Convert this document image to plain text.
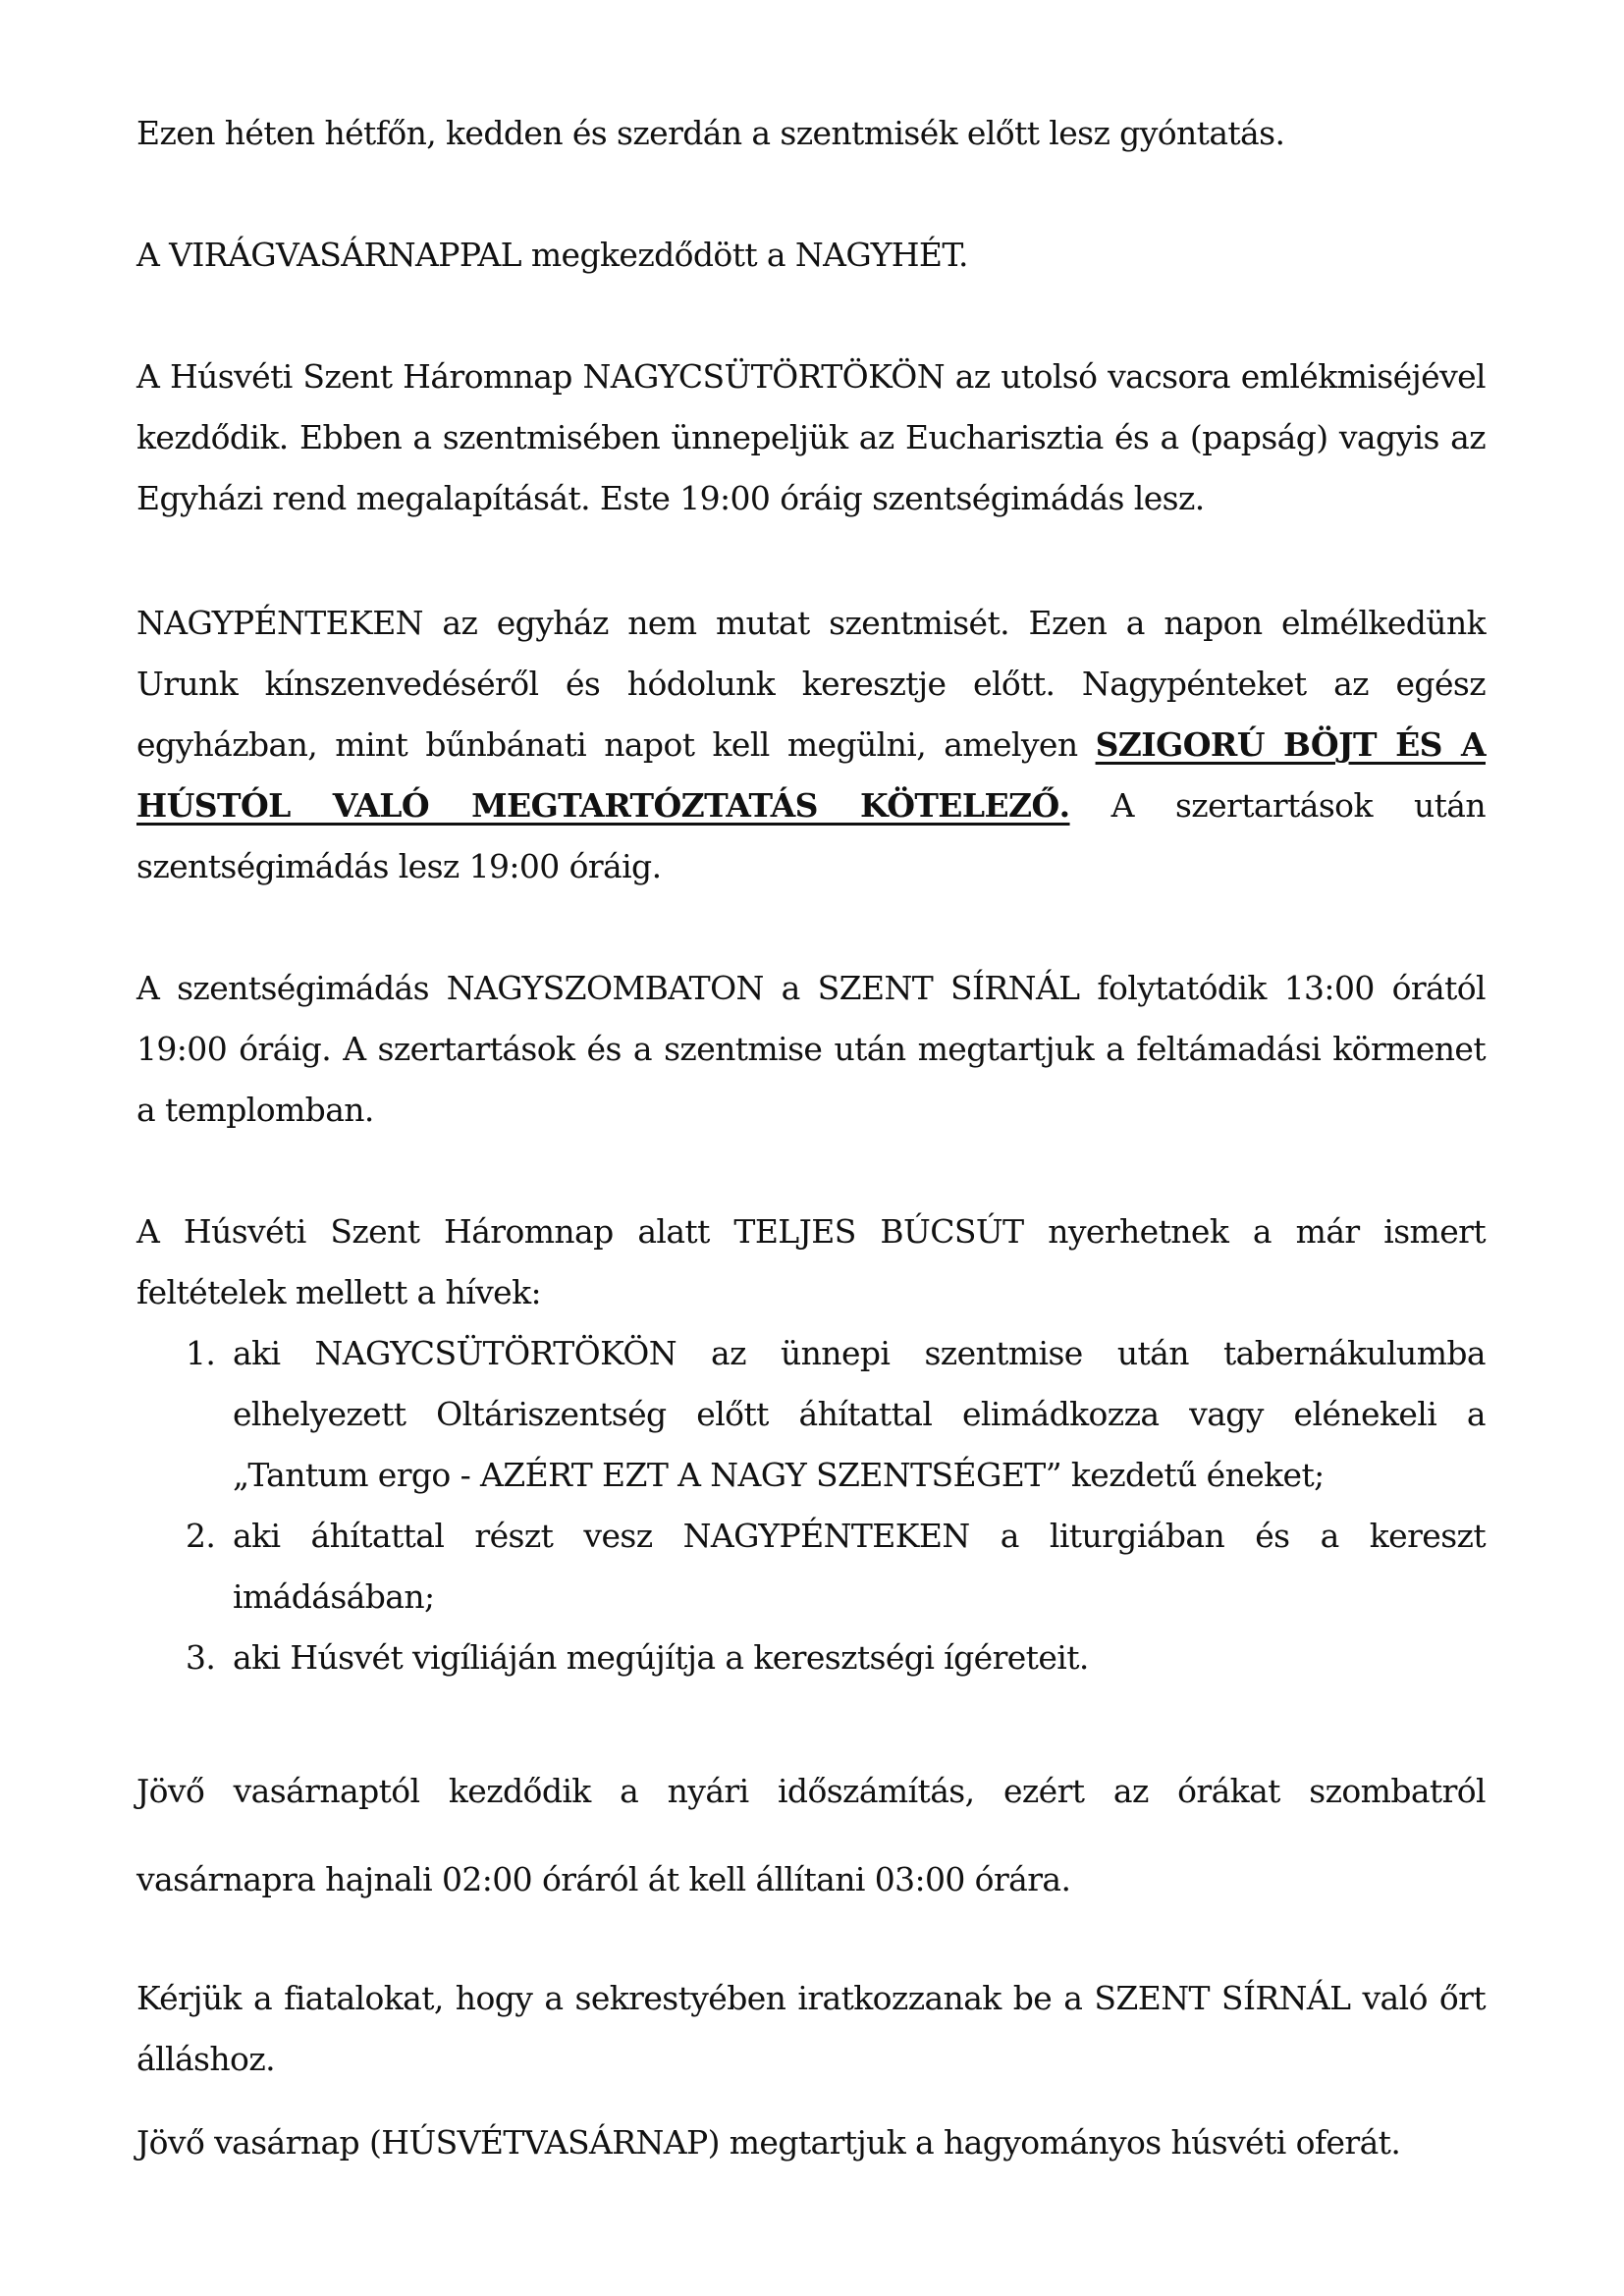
Ezen héten hétfőn, kedden és szerdán a szentmisék előtt lesz gyóntatás.

A VIRÁGVASÁRNAPPAL megkezdődött a NAGYHÉT.

A Húsvéti Szent Háromnap NAGYCSÜTÖRTÖKÖN az utolsó vacsora emlékmiséjével kezdődik. Ebben a szentmisében ünnepeljük az Eucharisztia és a (papság) vagyis az Egyházi rend megalapítását. Este 19:00 óráig szentségimádás lesz.

NAGYPÉNTEKEN az egyház nem mutat szentmisét. Ezen a napon elmélkedünk Urunk kínszenvedéséről és hódolunk keresztje előtt. Nagypénteket az egész egyházban, mint bűnbánati napot kell megülni, amelyen SZIGORÚ BÖJT ÉS A HÚSTÓL VALÓ MEGTARTÓZTATÁS KÖTELEZŐ. A szertartások után szentségimádás lesz 19:00 óráig.

A szentségimádás NAGYSZOMBATON a SZENT SÍRNÁL folytatódik 13:00 órától 19:00 óráig. A szertartások és a szentmise után megtartjuk a feltámadási körmenet a templomban.

A Húsvéti Szent Háromnap alatt TELJES BÚCSÚT nyerhetnek a már ismert feltételek mellett a hívek:

1. aki NAGYCSÜTÖRTÖKÖN az ünnepi szentmise után tabernákulumba elhelyezett Oltáriszentség előtt áhítattal elimádkozza vagy elénekeli a „Tantum ergo - AZÉRT EZT A NAGY SZENTSÉGET” kezdetű éneket;
2. aki áhítattal részt vesz NAGYPÉNTEKEN a liturgiában és a kereszt imádásában;
3. aki Húsvét vigíliáján megújítja a keresztségi ígéreteit.

Jövő vasárnaptól kezdődik a nyári időszámítás, ezért az órákat szombatról vasárnapra hajnali 02:00 óráról át kell állítani 03:00 órára.

Kérjük a fiatalokat, hogy a sekrestyében iratkozzanak be a SZENT SÍRNÁL való őrt álláshoz.

Jövő vasárnap (HÚSVÉTVASÁRNAP) megtartjuk a hagyományos húsvéti oferát.
